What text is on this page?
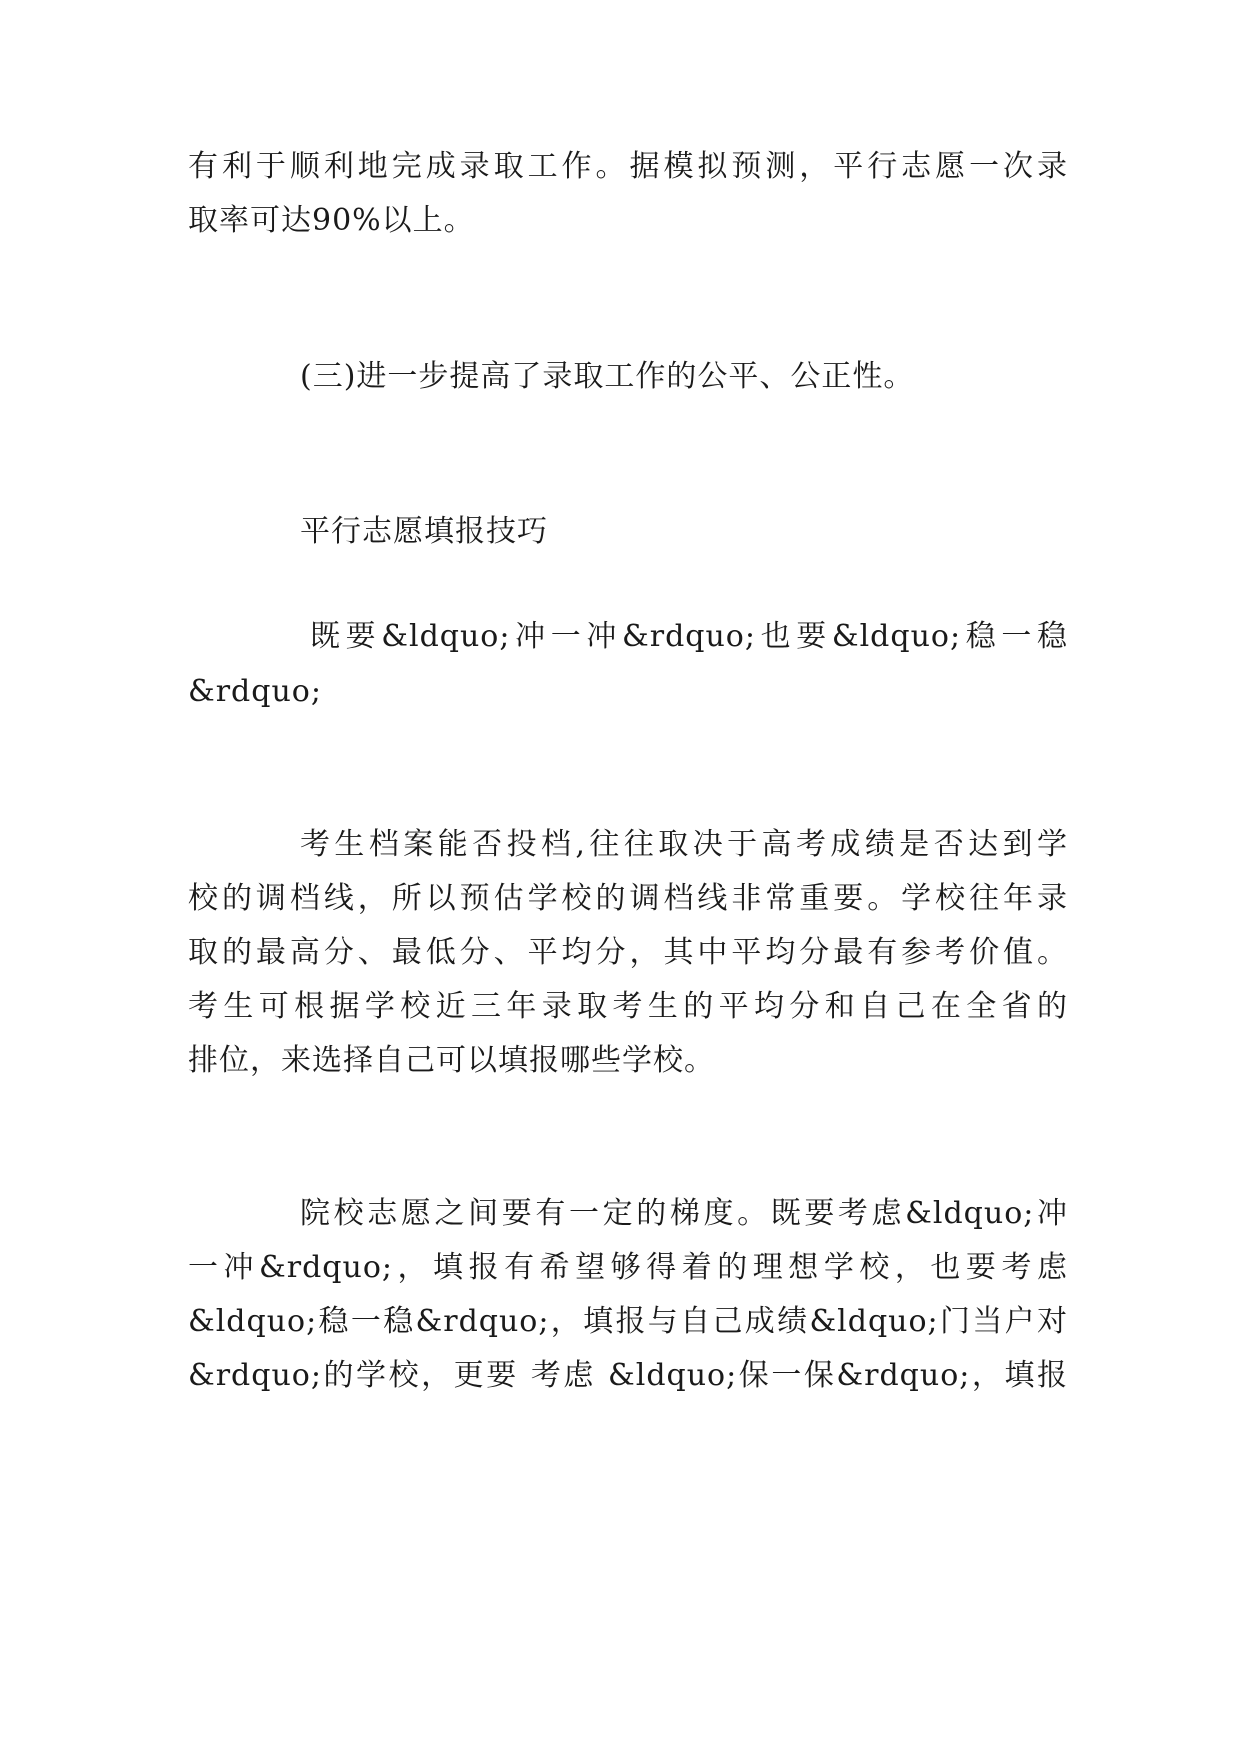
有利于顺利地完成录取工作。据模拟预测，平行志愿一次录
取率可达90%以上。
(三)进一步提高了录取工作的公平、公正性。
平行志愿填报技巧
既要&ldquo;冲一冲&rdquo;也要&ldquo;稳一稳
&rdquo;
考生档案能否投档,往往取决于高考成绩是否达到学
校的调档线，所以预估学校的调档线非常重要。学校往年录
取的最高分、最低分、平均分，其中平均分最有参考价值。
考生可根据学校近三年录取考生的平均分和自己在全省的
排位，来选择自己可以填报哪些学校。
院校志愿之间要有一定的梯度。既要考虑&ldquo;冲
一冲&rdquo;，填报有希望够得着的理想学校，也要考虑
&ldquo;稳一稳&rdquo;，填报与自己成绩&ldquo;门当户对
&rdquo;的学校，更要 考虑 &ldquo;保一保&rdquo;，填报
